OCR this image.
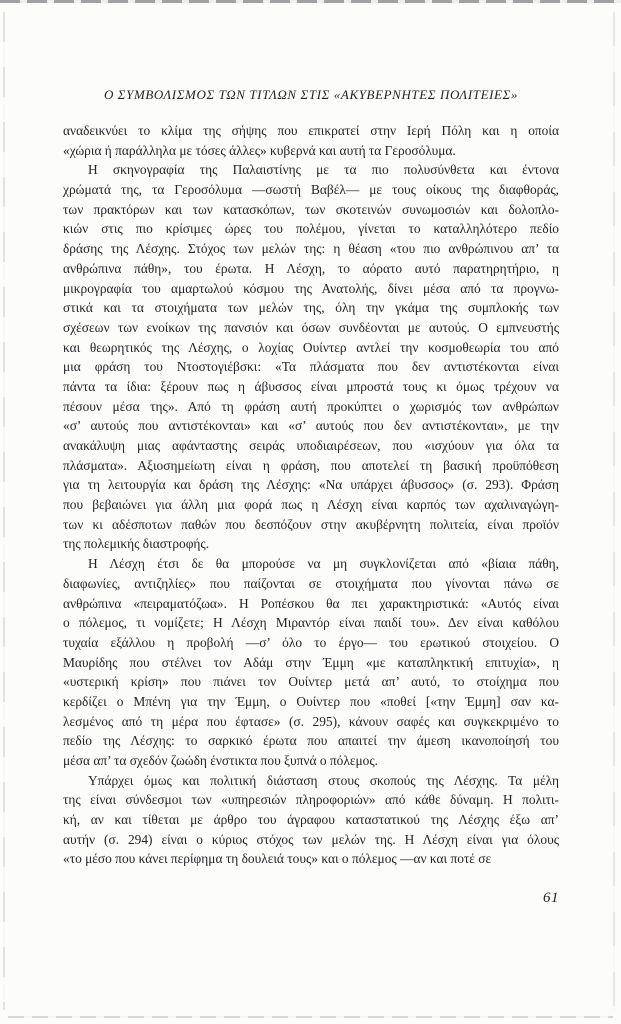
Ο ΣΥΜΒΟΛΙΣΜΟΣ ΤΩΝ ΤΙΤΛΩΝ ΣΤΙΣ «ΑΚΥΒΕΡΝΗΤΕΣ ΠΟΛΙΤΕΙΕΣ»
αναδεικνύει το κλίμα της σήψης που επικρατεί στην Ιερή Πόλη και η οποία
«χώρια ή παράλληλα με τόσες άλλες» κυβερνά και αυτή τα Γεροσόλυμα.
Η σκηνογραφία της Παλαιστίνης με τα πιο πολυσύνθετα και έντονα
χρώματά της, τα Γεροσόλυμα —σωστή Βαβέλ— με τους οίκους της διαφθοράς,
των πρακτόρων και των κατασκόπων, των σκοτεινών συνωμοσιών και δολοπλο-
κιών στις πιο κρίσιμες ώρες του πολέμου, γίνεται το καταλληλότερο πεδίο
δράσης της Λέσχης. Στόχος των μελών της: η θέαση «του πιο ανθρώπινου απ’ τα
ανθρώπινα πάθη», του έρωτα. Η Λέσχη, το αόρατο αυτό παρατηρητήριο, η
μικρογραφία του αμαρτωλού κόσμου της Ανατολής, δίνει μέσα από τα προγνω-
στικά και τα στοιχήματα των μελών της, όλη την γκάμα της συμπλοκής των
σχέσεων των ενοίκων της πανσιόν και όσων συνδέονται με αυτούς. Ο εμπνευστής
και θεωρητικός της Λέσχης, ο λοχίας Ουίντερ αντλεί την κοσμοθεωρία του από
μια φράση του Ντοστογιέβσκι: «Τα πλάσματα που δεν αντιστέκονται είναι
πάντα τα ίδια: ξέρουν πως η άβυσσος είναι μπροστά τους κι όμως τρέχουν να
πέσουν μέσα της». Από τη φράση αυτή προκύπτει ο χωρισμός των ανθρώπων
«σ’ αυτούς που αντιστέκονται» και «σ’ αυτούς που δεν αντιστέκονται», με την
ανακάλυψη μιας αφάνταστης σειράς υποδιαιρέσεων, που «ισχύουν για όλα τα
πλάσματα». Αξιοσημείωτη είναι η φράση, που αποτελεί τη βασική προϋπόθεση
για τη λειτουργία και δράση της Λέσχης: «Να υπάρχει άβυσσος» (σ. 293). Φράση
που βεβαιώνει για άλλη μια φορά πως η Λέσχη είναι καρπός των αχαλιναγώγη-
των κι αδέσποτων παθών που δεσπόζουν στην ακυβέρνητη πολιτεία, είναι προϊόν
της πολεμικής διαστροφής.
Η Λέσχη έτσι δε θα μπορούσε να μη συγκλονίζεται από «βίαια πάθη,
διαφωνίες, αντιζηλίες» που παίζονται σε στοιχήματα που γίνονται πάνω σε
ανθρώπινα «πειραματόζωα». Η Ροπέσκου θα πει χαρακτηριστικά: «Αυτός είναι
ο πόλεμος, τι νομίζετε; Η Λέσχη Μιραντόρ είναι παιδί του». Δεν είναι καθόλου
τυχαία εξάλλου η προβολή —σ’ όλο το έργο— του ερωτικού στοιχείου. Ο
Μαυρίδης που στέλνει τον Αδάμ στην Έμμη «με καταπληκτική επιτυχία», η
«υστερική κρίση» που πιάνει τον Ουίντερ μετά απ’ αυτό, το στοίχημα που
κερδίζει ο Μπένη για την Έμμη, ο Ουίντερ που «ποθεί [«την Έμμη] σαν κα-
λεσμένος από τη μέρα που έφτασε» (σ. 295), κάνουν σαφές και συγκεκριμένο το
πεδίο της Λέσχης: το σαρκικό έρωτα που απαιτεί την άμεση ικανοποίησή του
μέσα απ’ τα σχεδόν ζωώδη ένστικτα που ξυπνά ο πόλεμος.
Υπάρχει όμως και πολιτική διάσταση στους σκοπούς της Λέσχης. Τα μέλη
της είναι σύνδεσμοι των «υπηρεσιών πληροφοριών» από κάθε δύναμη. Η πολιτι-
κή, αν και τίθεται με άρθρο του άγραφου καταστατικού της Λέσχης έξω απ’
αυτήν (σ. 294) είναι ο κύριος στόχος των μελών της. Η Λέσχη είναι για όλους
«το μέσο που κάνει περίφημα τη δουλειά τους» και ο πόλεμος —αν και ποτέ σε
61
